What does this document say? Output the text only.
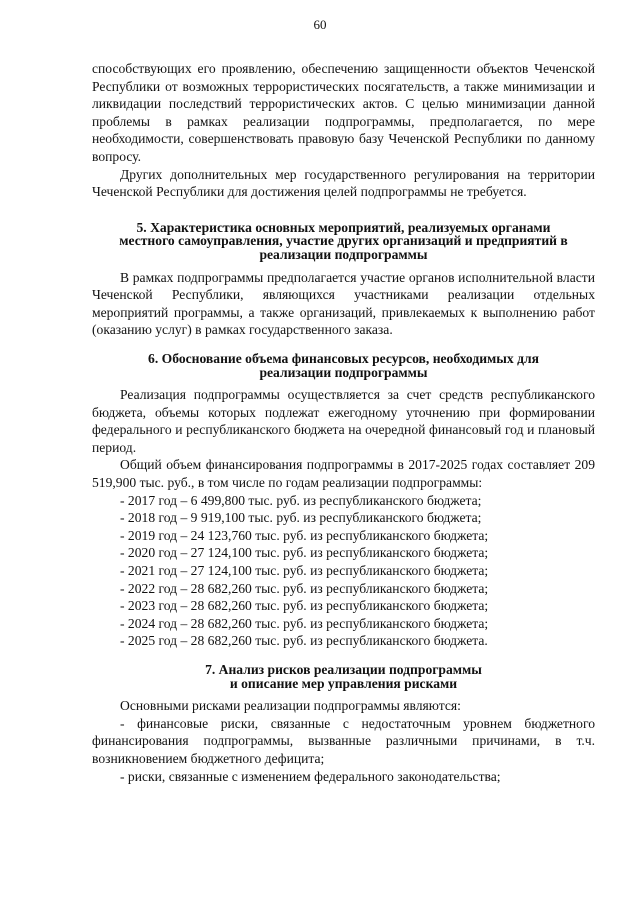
60

способствующих его проявлению, обеспечению защищенности объектов Чеченской Республики от возможных террористических посягательств, а также минимизации и ликвидации последствий террористических актов. С целью минимизации данной проблемы в рамках реализации подпрограммы, предполагается, по мере необходимости, совершенствовать правовую базу Чеченской Республики по данному вопросу.

Других дополнительных мер государственного регулирования на территории Чеченской Республики для достижения целей подпрограммы не требуется.

5. Характеристика основных мероприятий, реализуемых органами
местного самоуправления, участие других организаций и предприятий в
реализации подпрограммы

В рамках подпрограммы предполагается участие органов исполнительной власти Чеченской Республики, являющихся участниками реализации отдельных мероприятий программы, а также организаций, привлекаемых к выполнению работ (оказанию услуг) в рамках государственного заказа.

6. Обоснование объема финансовых ресурсов, необходимых для
реализации подпрограммы

Реализация подпрограммы осуществляется за счет средств республиканского бюджета, объемы которых подлежат ежегодному уточнению при формировании федерального и республиканского бюджета на очередной финансовый год и плановый период.

Общий объем финансирования подпрограммы в 2017-2025 годах составляет 209 519,900 тыс. руб., в том числе по годам реализации подпрограммы:

- 2017 год – 6 499,800 тыс. руб. из республиканского бюджета;
- 2018 год – 9 919,100 тыс. руб. из республиканского бюджета;
- 2019 год – 24 123,760 тыс. руб. из республиканского бюджета;
- 2020 год – 27 124,100 тыс. руб. из республиканского бюджета;
- 2021 год – 27 124,100 тыс. руб. из республиканского бюджета;
- 2022 год – 28 682,260 тыс. руб. из республиканского бюджета;
- 2023 год – 28 682,260 тыс. руб. из республиканского бюджета;
- 2024 год – 28 682,260 тыс. руб. из республиканского бюджета;
- 2025 год – 28 682,260 тыс. руб. из республиканского бюджета.
7. Анализ рисков реализации подпрограммы
и описание мер управления рисками

Основными рисками реализации подпрограммы являются:

- финансовые риски, связанные с недостаточным уровнем бюджетного финансирования подпрограммы, вызванные различными причинами, в т.ч. возникновением бюджетного дефицита;

- риски, связанные с изменением федерального законодательства;
